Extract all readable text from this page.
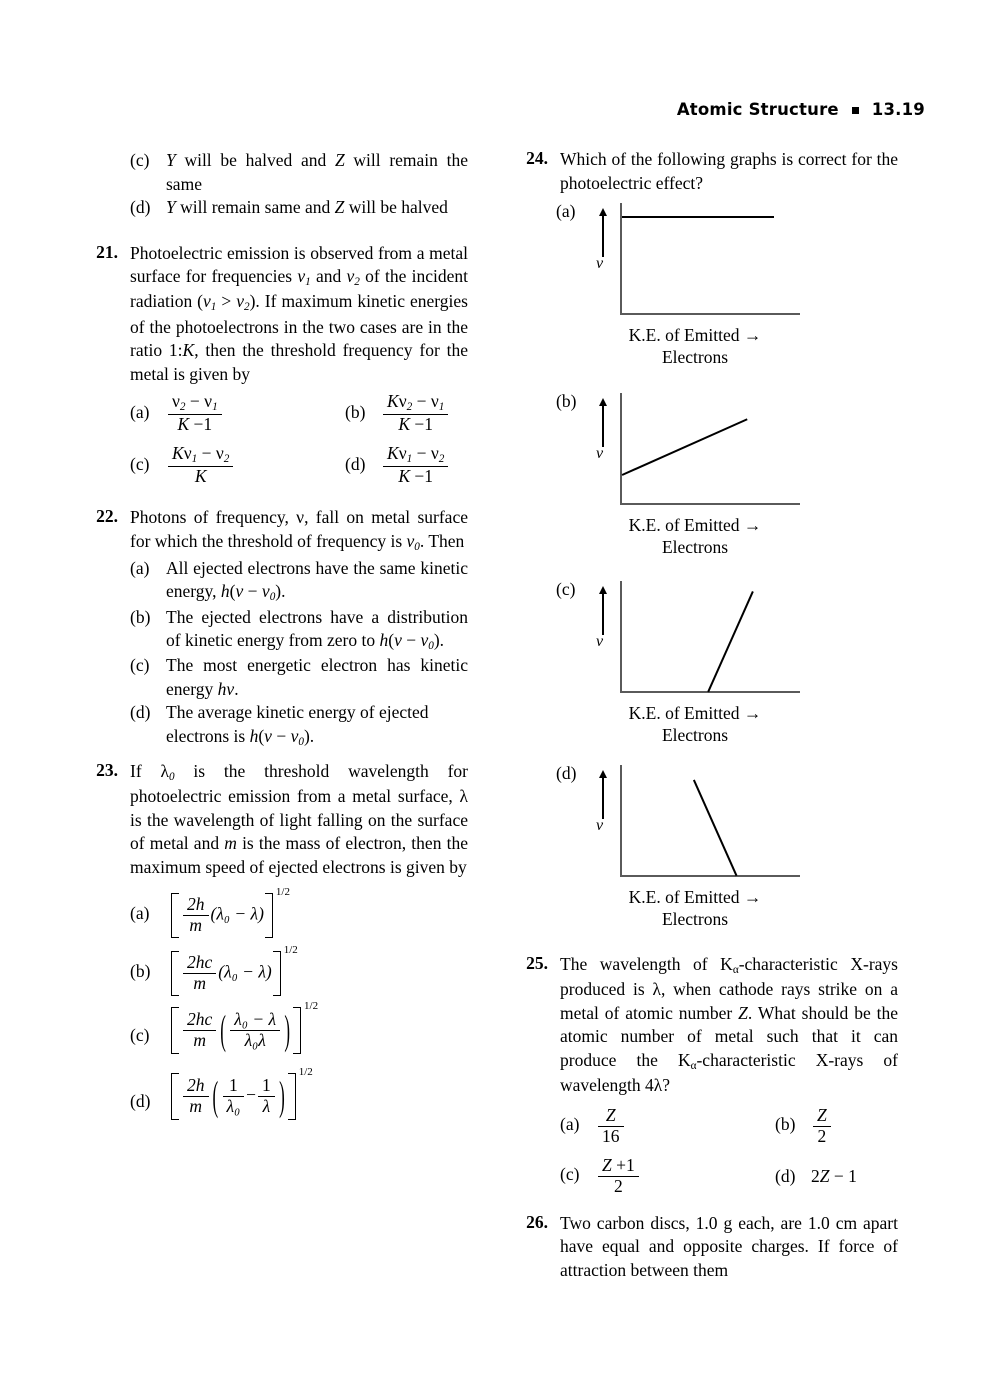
Atomic Structure 13.19
(c) Y will be halved and Z will remain the same
(d) Y will remain same and Z will be halved
21. Photoelectric emission is observed from a metal surface for frequencies $v_1$ and $v_2$ of the incident radiation $(v_1 > v_2)$. If maximum kinetic energies of the photoelectrons in the two cases are in the ratio 1:K, then the threshold frequency for the metal is given by
$(a) \frac{\nu_2 - \nu_1}{K -1}$	$(b) \frac{K\nu_2 - \nu_1}{K -1}$
$(c) \frac{K\nu_1 - \nu_2}{K}$	$(d) \frac{K\nu_1 - \nu_2}{K -1}$
22. Photons of frequency, ν, fall on metal surface for which the threshold of frequency is $v_0$. Then
(a) All ejected electrons have the same kinetic energy, $h(v - v_0)$.
(b) The ejected electrons have a distribution of kinetic energy from zero to $h(v - v_0)$.
(c) The most energetic electron has kinetic energy hv.
(d) The average kinetic energy of ejected electrons is $h(v - v_0)$.
23. If $\lambda_0$ is the threshold wavelength for photoelectric emission from a metal surface, λ is the wavelength of light falling on the surface of metal and m is the mass of electron, then the maximum speed of ejected electrons is given by
(a)	$\frac{2h}{m} (\lambda_0 - \lambda)$
1/2
(b)	$\frac{2hc}{m} (\lambda_0 - \lambda)$
1/2
(c)	$\frac{2hc}{m}$ ( $\frac{\text{λ₀ − λ}}{\text{λ₀λ}}$
)
1/2
(d)	$\frac{2h}{m}$ ( $\frac{1}{\text{λ₀}} - \frac{1}{\lambda}$
)
1/2
24. Which of the following graphs is correct for the photoelectric effect?
(a)
v
K.E. of Emitted →
Electrons
(b)
v
K.E. of Emitted →
Electrons
(c)
v
K.E. of Emitted →
Electrons
(d)
v
K.E. of Emitted →
Electrons
25. The wavelength of $K_\alpha$-characteristic X-rays produced is λ, when cathode rays strike on a metal of atomic number Z. What should be the atomic number of metal such that it can produce the $K_\alpha$-characteristic X-rays of wavelength 4λ?
$(a) \frac{Z}{16}$	$(b) \frac{Z}{2}$
$(c) \frac{Z +1}{2}$	(d) 2Z − 1
26. Two carbon discs, 1.0 g each, are 1.0 cm apart have equal and opposite charges. If force of attraction between them
